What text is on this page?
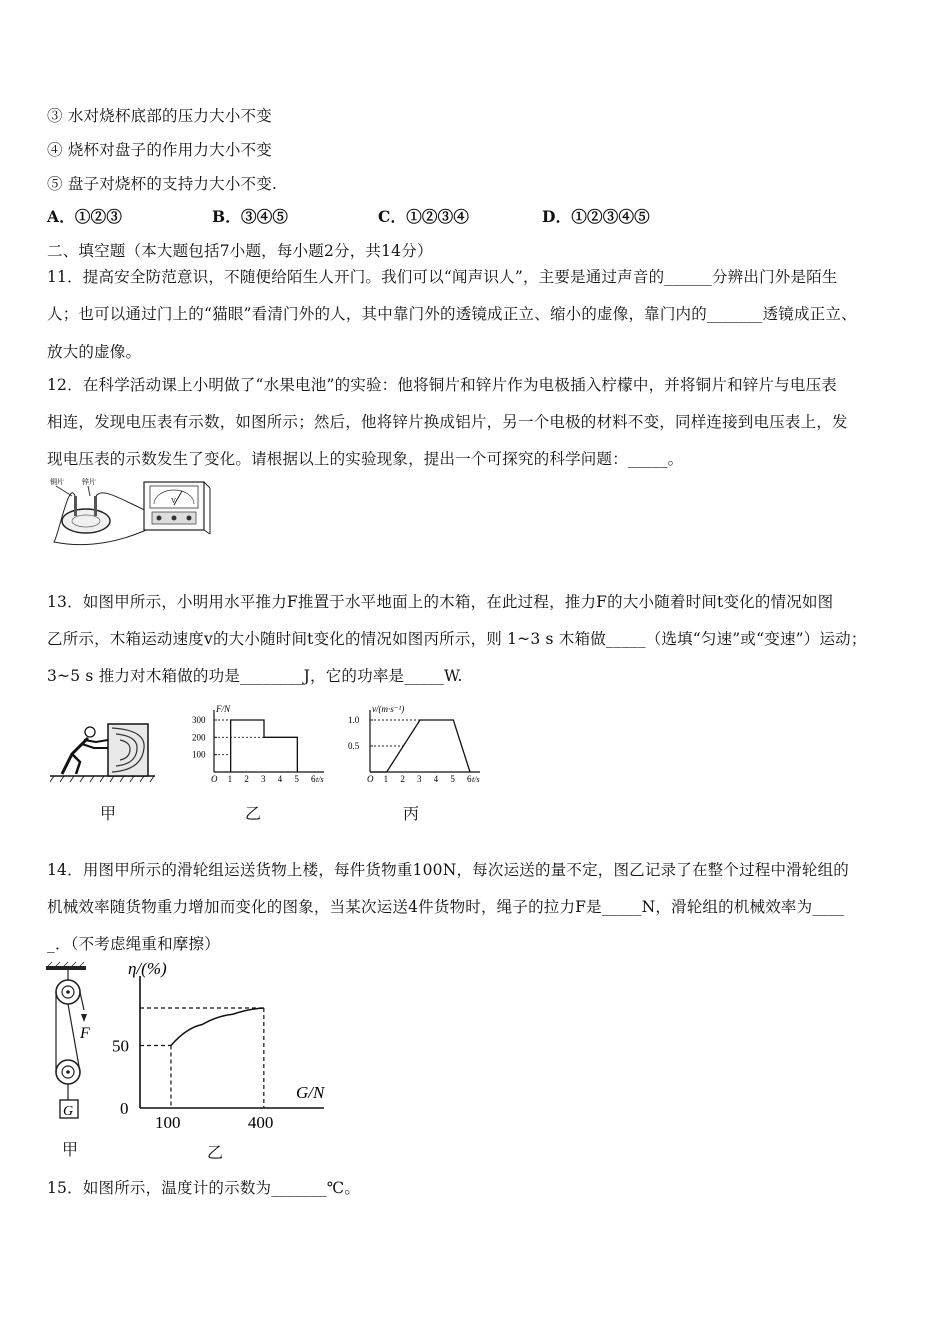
③ 水对烧杯底部的压力大小不变
④ 烧杯对盘子的作用力大小不变
⑤ 盘子对烧杯的支持力大小不变.
A．①②③	B．③④⑤	C．①②③④	D．①②③④⑤
二、填空题（本大题包括7小题，每小题2分，共14分）
11．提高安全防范意识，不随便给陌生人开门。我们可以“闻声识人”，主要是通过声音的______分辨出门外是陌生
人；也可以通过门上的“猫眼”看清门外的人，其中靠门外的透镜成正立、缩小的虚像，靠门内的_______透镜成正立、
放大的虚像。
12．在科学活动课上小明做了“水果电池”的实验：他将铜片和锌片作为电极插入柠檬中，并将铜片和锌片与电压表
相连，发现电压表有示数，如图所示；然后，他将锌片换成铝片，另一个电极的材料不变，同样连接到电压表上，发
现电压表的示数发生了变化。请根据以上的实验现象，提出一个可探究的科学问题：_____。
铜片	锌片
V
13．如图甲所示，小明用水平推力F推置于水平地面上的木箱，在此过程，推力F的大小随着时间t变化的情况如图
乙所示，木箱运动速度v的大小随时间t变化的情况如图丙所示，则 1~3 s 木箱做_____（选填“匀速”或“变速”）运动；
3~5 s 推力对木箱做的功是________J，它的功率是_____W.
甲
F/N
t/s
O 1 2 3 4 5 6
100
200
300
乙
v/(m·s⁻¹)
t/s
O 1 2 3 4 5 6
0.5
1.0
丙
14．用图甲所示的滑轮组运送货物上楼，每件货物重100N，每次运送的量不定，图乙记录了在整个过程中滑轮组的
机械效率随货物重力增加而变化的图象，当某次运送4件货物时，绳子的拉力F是_____N，滑轮组的机械效率为____
_．（不考虑绳重和摩擦）
F
G
甲
η/(%)
G/N
0
50
100	400
乙
15．如图所示，温度计的示数为_______℃。
